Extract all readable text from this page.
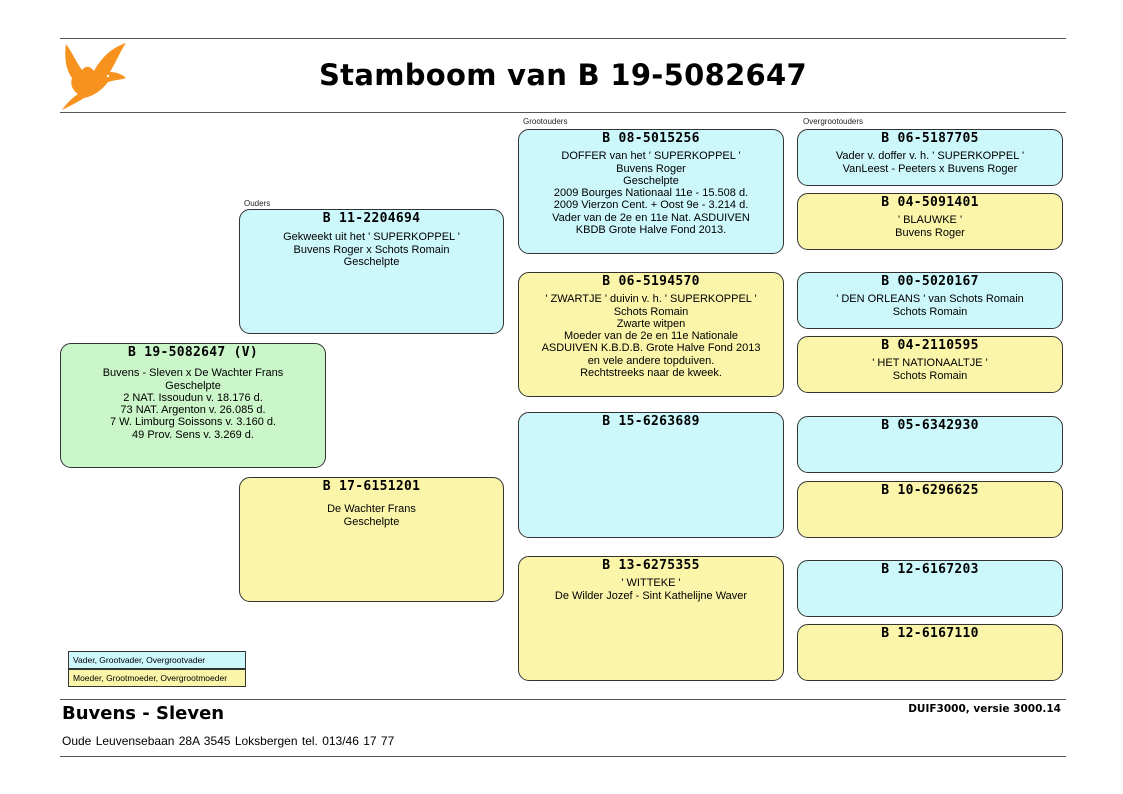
Stamboom van B 19-5082647
Ouders
Grootouders	Overgrootouders
B 19-5082647 (V)
Buvens - Sleven x De Wachter Frans
Geschelpte
2 NAT. Issoudun v. 18.176 d.
73 NAT. Argenton v. 26.085 d.
7 W. Limburg Soissons v. 3.160 d.
49 Prov. Sens v. 3.269 d.
B 11-2204694
Gekweekt uit het ' SUPERKOPPEL '
Buvens Roger x Schots Romain
Geschelpte
B 17-6151201
De Wachter Frans
Geschelpte
B 08-5015256
DOFFER van het ' SUPERKOPPEL '
Buvens Roger
Geschelpte
2009 Bourges Nationaal 11e - 15.508 d.
2009 Vierzon Cent. + Oost 9e - 3.214 d.
Vader van de 2e en 11e Nat. ASDUIVEN
KBDB Grote Halve Fond 2013.
B 06-5194570
' ZWARTJE ' duivin v. h. ' SUPERKOPPEL '
Schots Romain
Zwarte witpen
Moeder van de 2e en 11e Nationale
ASDUIVEN K.B.D.B. Grote Halve Fond 2013
en vele andere topduiven.
Rechtstreeks naar de kweek.
B 15-6263689
B 13-6275355
' WITTEKE '
De Wilder Jozef - Sint Kathelijne Waver
B 06-5187705
Vader v. doffer v. h. ' SUPERKOPPEL '
VanLeest - Peeters x Buvens Roger
B 04-5091401
' BLAUWKE '
Buvens Roger
B 00-5020167
' DEN ORLEANS ' van Schots Romain
Schots Romain
B 04-2110595
' HET NATIONAALTJE '
Schots Romain
B 05-6342930
B 10-6296625
B 12-6167203
B 12-6167110
Vader, Grootvader, Overgrootvader
Moeder, Grootmoeder, Overgrootmoeder
Buvens - Sleven	DUIF3000, versie 3000.14
Oude Leuvensebaan 28A 3545 Loksbergen tel. 013/46 17 77
